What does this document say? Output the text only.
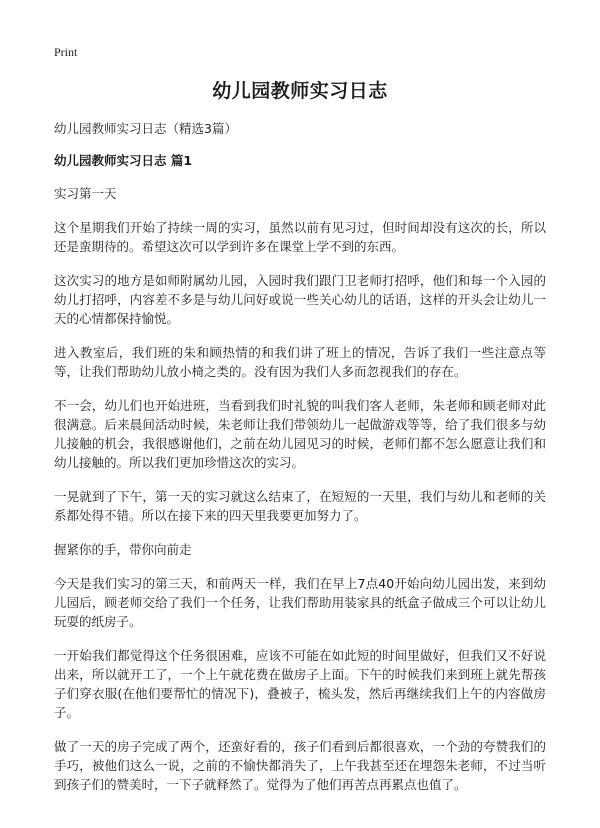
Print
幼儿园教师实习日志

幼儿园教师实习日志（精选3篇）

幼儿园教师实习日志 篇1

实习第一天

这个星期我们开始了持续一周的实习，虽然以前有见习过，但时间却没有这次的长，所以还是蛮期待的。希望这次可以学到许多在课堂上学不到的东西。

这次实习的地方是如师附属幼儿园，入园时我们跟门卫老师打招呼，他们和每一个入园的幼儿打招呼，内容差不多是与幼儿问好或说一些关心幼儿的话语，这样的开头会让幼儿一天的心情都保持愉悦。

进入教室后，我们班的朱和顾热情的和我们讲了班上的情况，告诉了我们一些注意点等等，让我们帮助幼儿放小椅之类的。没有因为我们人多而忽视我们的存在。

不一会，幼儿们也开始进班，当看到我们时礼貌的叫我们客人老师，朱老师和顾老师对此很满意。后来晨间活动时候，朱老师让我们带领幼儿一起做游戏等等，给了我们很多与幼儿接触的机会，我很感谢他们，之前在幼儿园见习的时候，老师们都不怎么愿意让我们和幼儿接触的。所以我们更加珍惜这次的实习。

一晃就到了下午，第一天的实习就这么结束了，在短短的一天里，我们与幼儿和老师的关系都处得不错。所以在接下来的四天里我要更加努力了。

握紧你的手，带你向前走

今天是我们实习的第三天，和前两天一样，我们在早上7点40开始向幼儿园出发，来到幼儿园后，顾老师交给了我们一个任务，让我们帮助用装家具的纸盒子做成三个可以让幼儿玩耍的纸房子。

一开始我们都觉得这个任务很困难，应该不可能在如此短的时间里做好，但我们又不好说出来，所以就开工了，一个上午就花费在做房子上面。下午的时候我们来到班上就先帮孩子们穿衣服(在他们要帮忙的情况下)，叠被子，梳头发，然后再继续我们上午的内容做房子。

做了一天的房子完成了两个，还蛮好看的，孩子们看到后都很喜欢，一个劲的夸赞我们的手巧，被他们这么一说，之前的不愉快都消失了，上午我甚至还在埋怨朱老师，不过当听到孩子们的赞美时，一下子就释然了。觉得为了他们再苦点再累点也值了。
